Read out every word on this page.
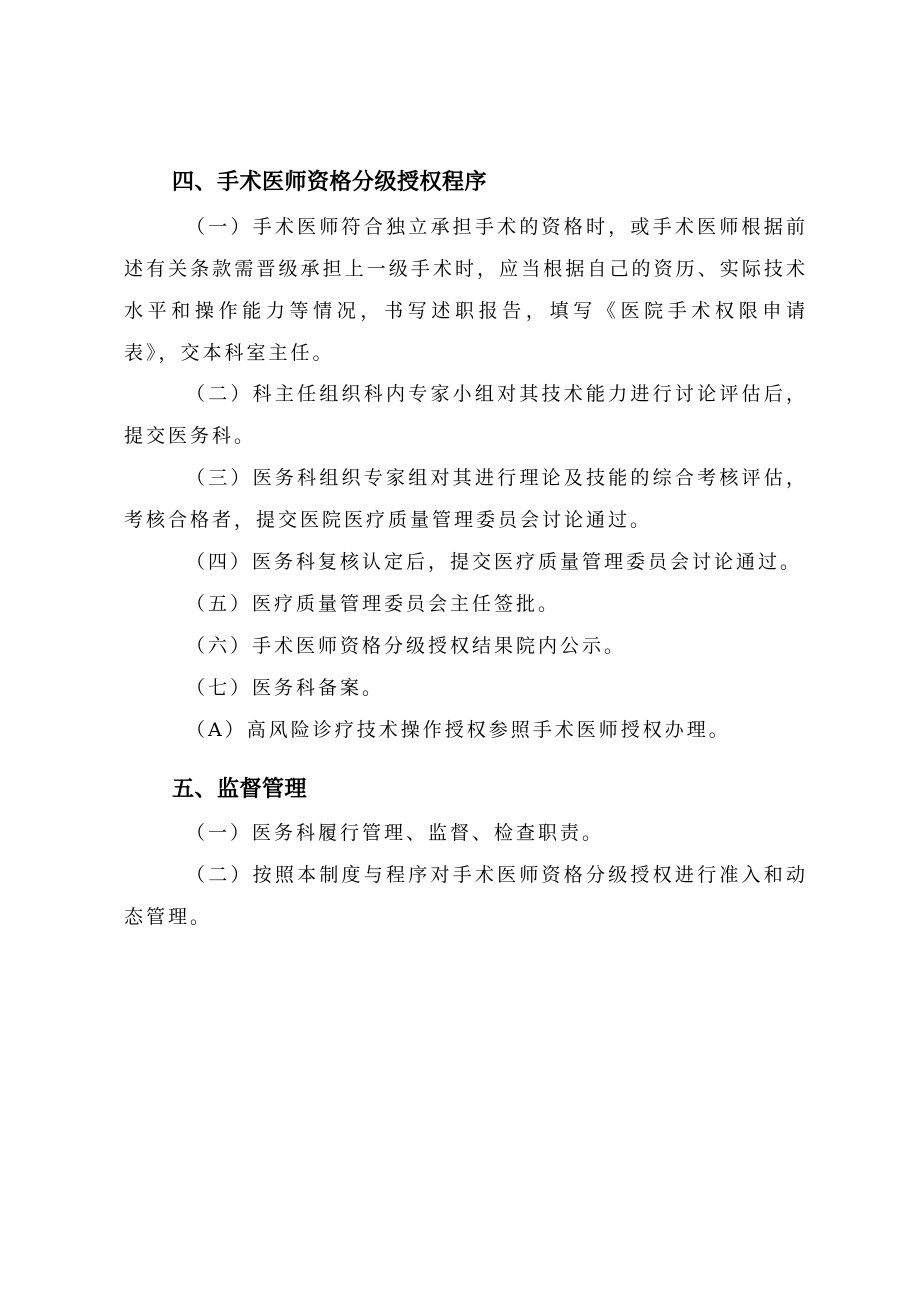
四、手术医师资格分级授权程序

（一）手术医师符合独立承担手术的资格时，或手术医师根据前述有关条款需晋级承担上一级手术时，应当根据自己的资历、实际技术水平和操作能力等情况，书写述职报告，填写《医院手术权限申请表》，交本科室主任。

（二）科主任组织科内专家小组对其技术能力进行讨论评估后，提交医务科。

（三）医务科组织专家组对其进行理论及技能的综合考核评估，考核合格者，提交医院医疗质量管理委员会讨论通过。

（四）医务科复核认定后，提交医疗质量管理委员会讨论通过。

（五）医疗质量管理委员会主任签批。

（六）手术医师资格分级授权结果院内公示。

（七）医务科备案。

（A）高风险诊疗技术操作授权参照手术医师授权办理。

五、监督管理

（一）医务科履行管理、监督、检查职责。

（二）按照本制度与程序对手术医师资格分级授权进行准入和动态管理。
